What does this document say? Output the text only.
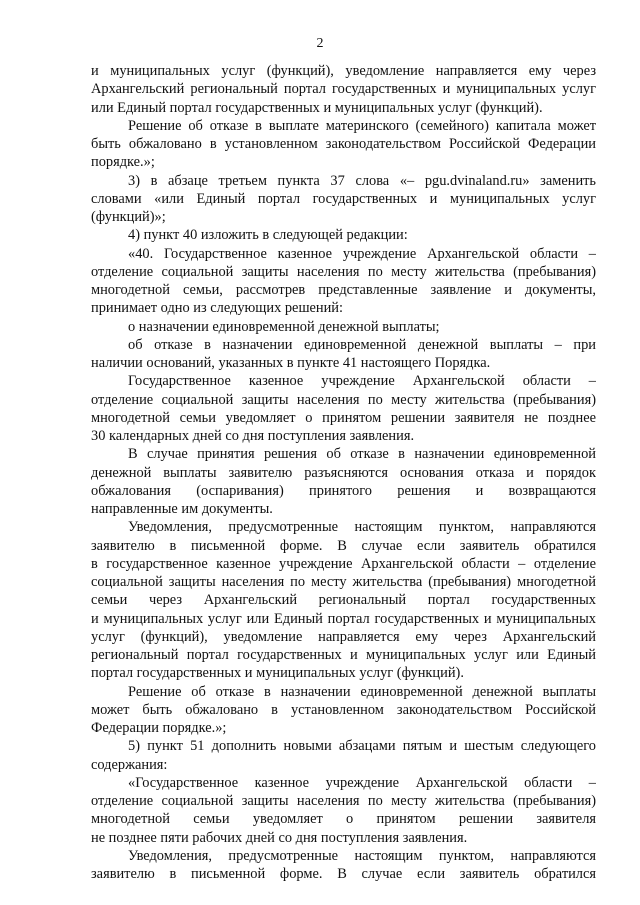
2
и муниципальных услуг (функций), уведомление направляется ему через
Архангельский региональный портал государственных и муниципальных услуг
или Единый портал государственных и муниципальных услуг (функций).
Решение об отказе в выплате материнского (семейного) капитала может
быть обжаловано в установленном законодательством Российской Федерации
порядке.»;
3) в абзаце третьем пункта 37 слова «– pgu.dvinaland.ru» заменить
словами «или Единый портал государственных и муниципальных услуг
(функций)»;
4) пункт 40 изложить в следующей редакции:
«40. Государственное казенное учреждение Архангельской области –
отделение социальной защиты населения по месту жительства (пребывания)
многодетной семьи, рассмотрев представленные заявление и документы,
принимает одно из следующих решений:
о назначении единовременной денежной выплаты;
об отказе в назначении единовременной денежной выплаты – при
наличии оснований, указанных в пункте 41 настоящего Порядка.
Государственное казенное учреждение Архангельской области –
отделение социальной защиты населения по месту жительства (пребывания)
многодетной семьи уведомляет о принятом решении заявителя не позднее
30 календарных дней со дня поступления заявления.
В случае принятия решения об отказе в назначении единовременной
денежной выплаты заявителю разъясняются основания отказа и порядок
обжалования (оспаривания) принятого решения и возвращаются
направленные им документы.
Уведомления, предусмотренные настоящим пунктом, направляются
заявителю в письменной форме. В случае если заявитель обратился
в государственное казенное учреждение Архангельской области – отделение
социальной защиты населения по месту жительства (пребывания) многодетной
семьи через Архангельский региональный портал государственных
и муниципальных услуг или Единый портал государственных и муниципальных
услуг (функций), уведомление направляется ему через Архангельский
региональный портал государственных и муниципальных услуг или Единый
портал государственных и муниципальных услуг (функций).
Решение об отказе в назначении единовременной денежной выплаты
может быть обжаловано в установленном законодательством Российской
Федерации порядке.»;
5) пункт 51 дополнить новыми абзацами пятым и шестым следующего
содержания:
«Государственное казенное учреждение Архангельской области –
отделение социальной защиты населения по месту жительства (пребывания)
многодетной семьи уведомляет о принятом решении заявителя
не позднее пяти рабочих дней со дня поступления заявления.
Уведомления, предусмотренные настоящим пунктом, направляются
заявителю в письменной форме. В случае если заявитель обратился
